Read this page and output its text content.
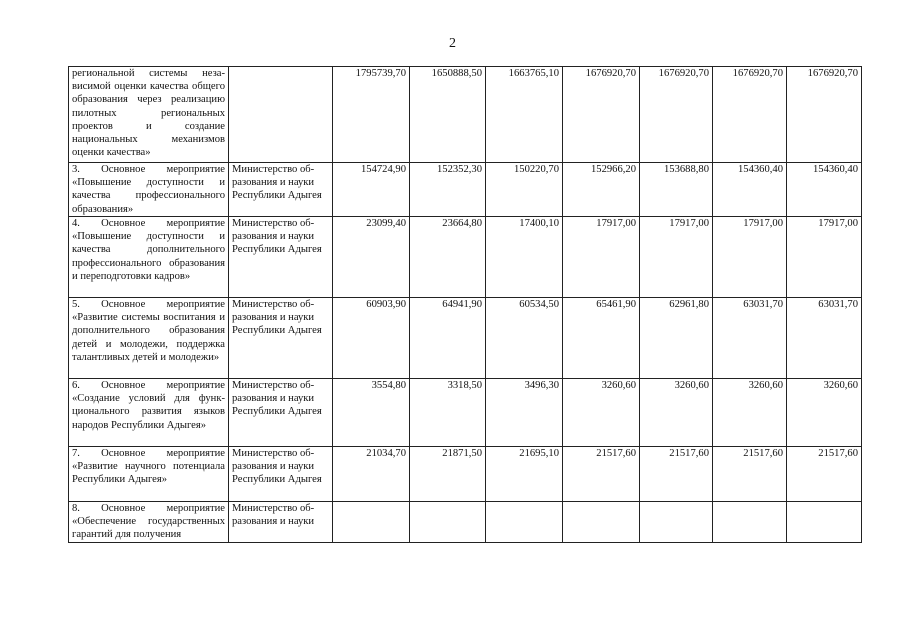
2
региональной системы независимой оценки качества общего образования через реализацию пилотных региональных проектов и создание национальных механизмов оценки качества»		1795739,70	1650888,50	1663765,10	1676920,70	1676920,70	1676920,70	1676920,70
3. Основное мероприятие «Повышение доступности и качества профессионального образования»	Министерство образования и науки Республики Адыгея	154724,90	152352,30	150220,70	152966,20	153688,80	154360,40	154360,40
4. Основное мероприятие «Повышение доступности и качества дополнительного профессионального образования и переподготовки кадров»	Министерство образования и науки Республики Адыгея	23099,40	23664,80	17400,10	17917,00	17917,00	17917,00	17917,00
5. Основное мероприятие «Развитие системы воспитания и дополнительного образования детей и молодежи, поддержка талантливых детей и молодежи»	Министерство образования и науки Республики Адыгея	60903,90	64941,90	60534,50	65461,90	62961,80	63031,70	63031,70
6. Основное мероприятие «Создание условий для функционального развития языков народов Республики Адыгея»	Министерство образования и науки Республики Адыгея	3554,80	3318,50	3496,30	3260,60	3260,60	3260,60	3260,60
7. Основное мероприятие «Развитие научного потенциала Республики Адыгея»	Министерство образования и науки Республики Адыгея	21034,70	21871,50	21695,10	21517,60	21517,60	21517,60	21517,60
8. Основное мероприятие «Обеспечение государственных гарантий для получения	Министерство образования и науки							
